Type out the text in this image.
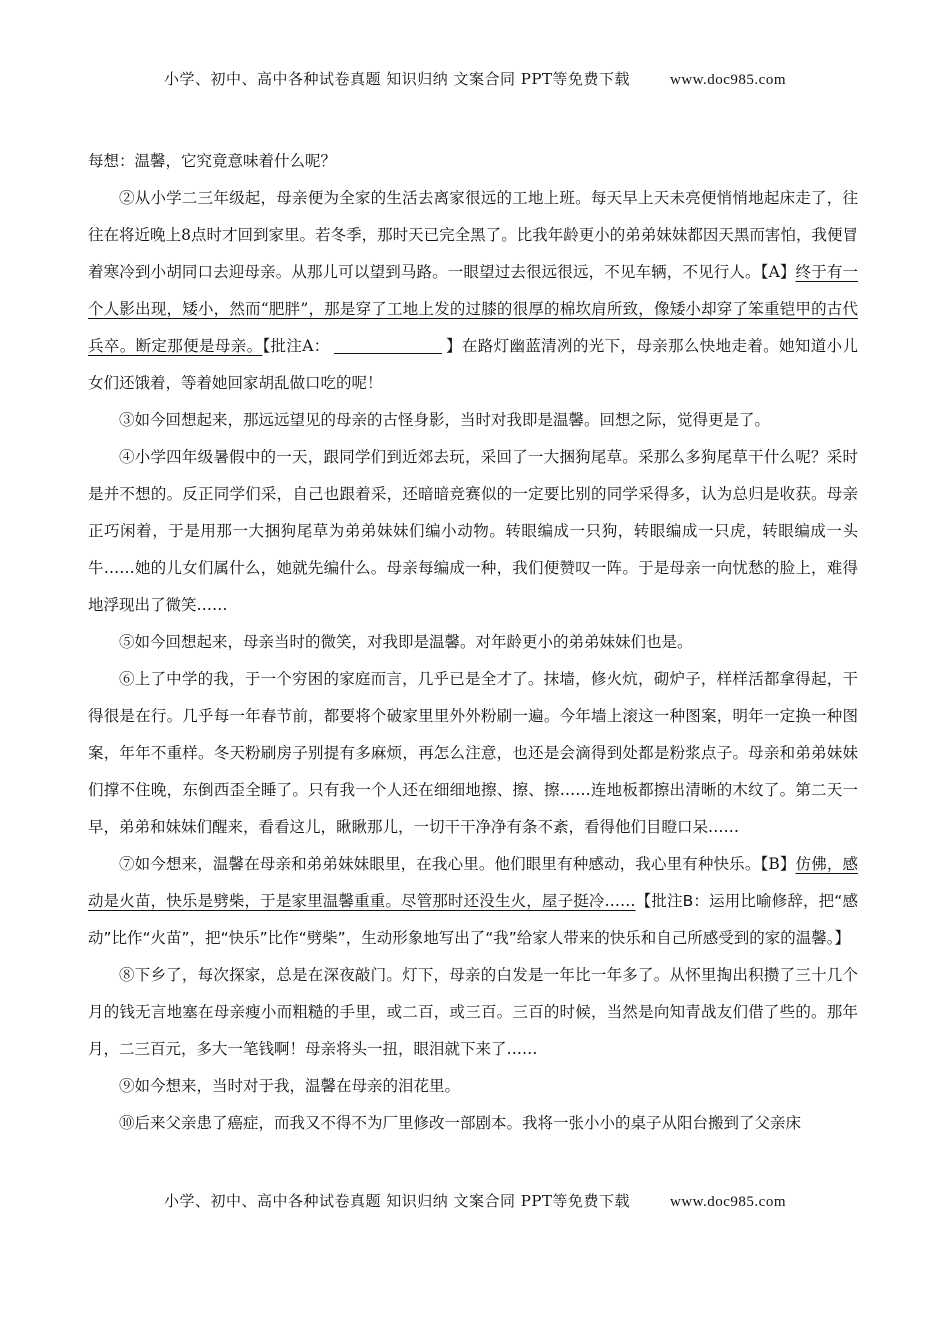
小学、初中、高中各种试卷真题 知识归纳 文案合同 PPT等免费下载	www.doc985.com

每想：温馨，它究竟意味着什么呢？

②从小学二三年级起，母亲便为全家的生活去离家很远的工地上班。每天早上天未亮便悄悄地起床走了，往往在将近晚上8点时才回到家里。若冬季，那时天已完全黑了。比我年龄更小的弟弟妹妹都因天黑而害怕，我便冒着寒冷到小胡同口去迎母亲。从那儿可以望到马路。一眼望过去很远很远，不见车辆，不见行人。【A】终于有一个人影出现，矮小，然而“肥胖”，那是穿了工地上发的过膝的很厚的棉坎肩所致，像矮小却穿了笨重铠甲的古代兵卒。断定那便是母亲。【批注A：	】在路灯幽蓝清冽的光下，母亲那么快地走着。她知道小儿女们还饿着，等着她回家胡乱做口吃的呢！

③如今回想起来，那远远望见的母亲的古怪身影，当时对我即是温馨。回想之际，觉得更是了。

④小学四年级暑假中的一天，跟同学们到近郊去玩，采回了一大捆狗尾草。采那么多狗尾草干什么呢？采时是并不想的。反正同学们采，自己也跟着采，还暗暗竞赛似的一定要比别的同学采得多，认为总归是收获。母亲正巧闲着，于是用那一大捆狗尾草为弟弟妹妹们编小动物。转眼编成一只狗，转眼编成一只虎，转眼编成一头牛……她的儿女们属什么，她就先编什么。母亲每编成一种，我们便赞叹一阵。于是母亲一向忧愁的脸上，难得地浮现出了微笑……

⑤如今回想起来，母亲当时的微笑，对我即是温馨。对年龄更小的弟弟妹妹们也是。

⑥上了中学的我，于一个穷困的家庭而言，几乎已是全才了。抹墙，修火炕，砌炉子，样样活都拿得起，干得很是在行。几乎每一年春节前，都要将个破家里里外外粉刷一遍。今年墙上滚这一种图案，明年一定换一种图案，年年不重样。冬天粉刷房子别提有多麻烦，再怎么注意，也还是会滴得到处都是粉浆点子。母亲和弟弟妹妹们撑不住晚，东倒西歪全睡了。只有我一个人还在细细地擦、擦、擦……连地板都擦出清晰的木纹了。第二天一早，弟弟和妹妹们醒来，看看这儿，瞅瞅那儿，一切干干净净有条不紊，看得他们目瞪口呆……

⑦如今想来，温馨在母亲和弟弟妹妹眼里，在我心里。他们眼里有种感动，我心里有种快乐。【B】仿佛，感动是火苗，快乐是劈柴，于是家里温馨重重。尽管那时还没生火，屋子挺冷……【批注B：运用比喻修辞，把“感动”比作“火苗”，把“快乐”比作“劈柴”，生动形象地写出了“我”给家人带来的快乐和自己所感受到的家的温馨。】

⑧下乡了，每次探家，总是在深夜敲门。灯下，母亲的白发是一年比一年多了。从怀里掏出积攒了三十几个月的钱无言地塞在母亲瘦小而粗糙的手里，或二百，或三百。三百的时候，当然是向知青战友们借了些的。那年月，二三百元，多大一笔钱啊！母亲将头一扭，眼泪就下来了……

⑨如今想来，当时对于我，温馨在母亲的泪花里。

⑩后来父亲患了癌症，而我又不得不为厂里修改一部剧本。我将一张小小的桌子从阳台搬到了父亲床

小学、初中、高中各种试卷真题 知识归纳 文案合同 PPT等免费下载	www.doc985.com
